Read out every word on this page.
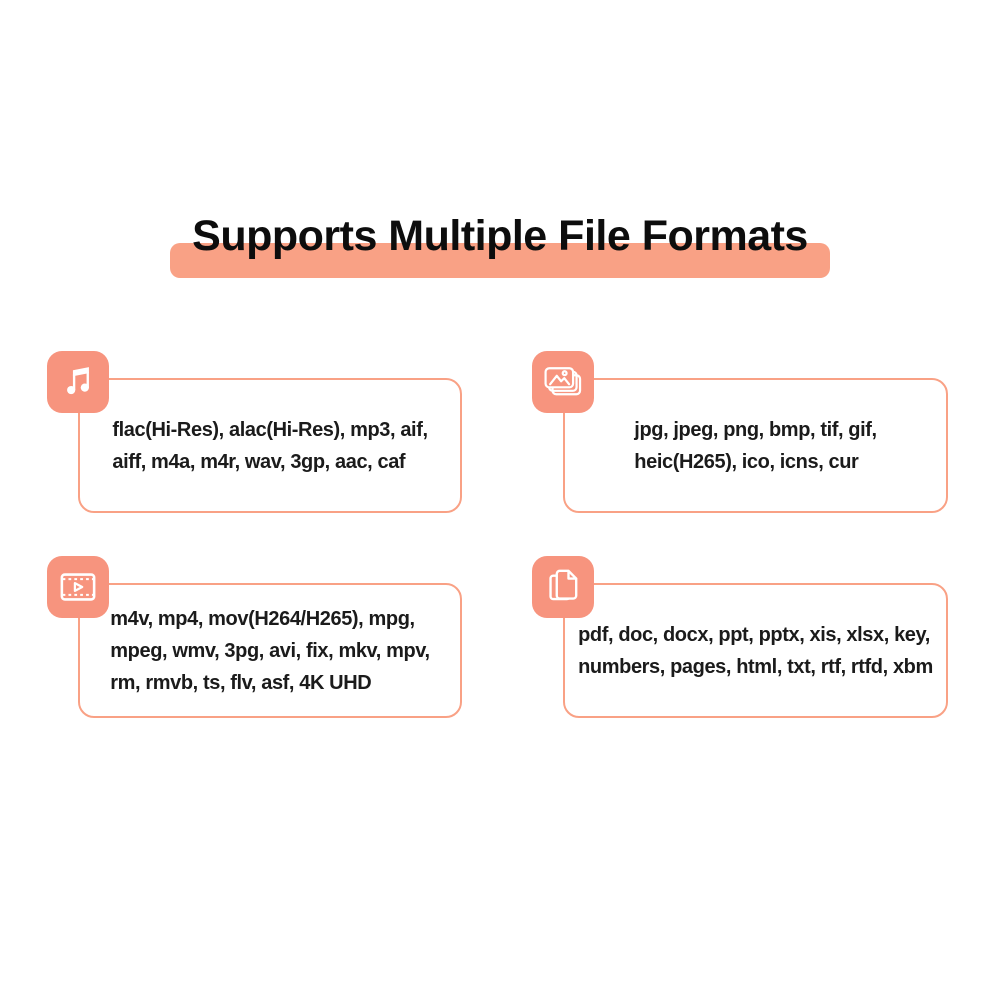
Supports Multiple File Formats
flac(Hi-Res), alac(Hi-Res), mp3, aif,
aiff, m4a, m4r, wav, 3gp, aac, caf
jpg, jpeg, png, bmp, tif, gif,
heic(H265), ico, icns, cur
m4v, mp4, mov(H264/H265), mpg,
mpeg, wmv, 3pg, avi, fix, mkv, mpv,
rm, rmvb, ts, flv, asf, 4K UHD
pdf, doc, docx, ppt, pptx, xis, xlsx, key,
numbers, pages, html, txt, rtf, rtfd, xbm
